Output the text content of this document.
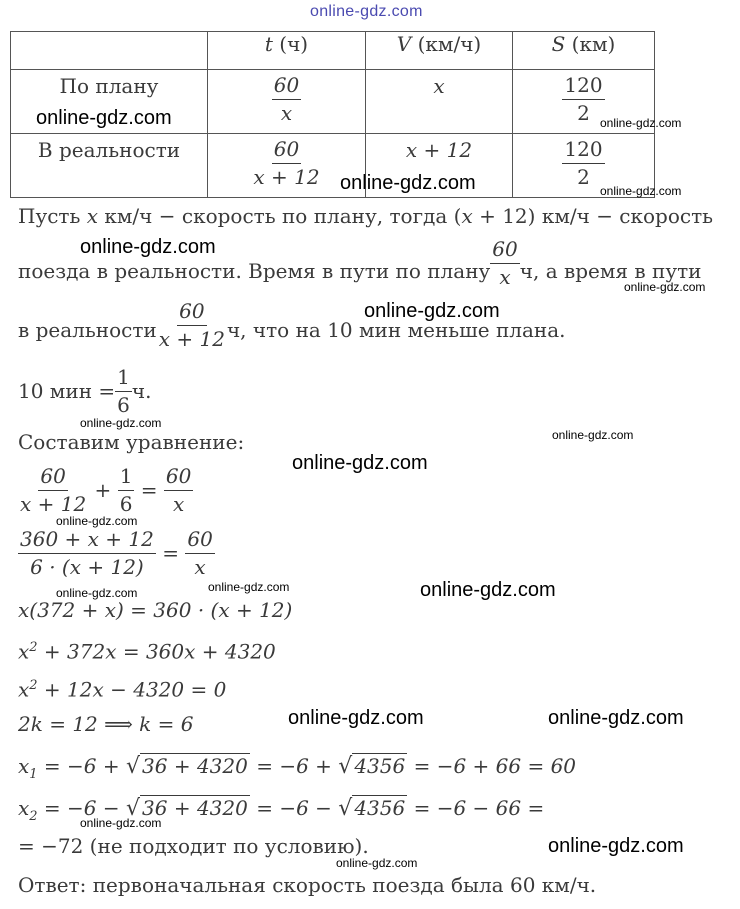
online-gdz.com
	t (ч)	V (км/ч)	S (км)

По плану	$\frac{60}{x}$	x	$\frac{120}{2}$

В реальности	$\frac{60}{x + 12}$	x + 12	$\frac{120}{2}$
Пусть x км/ч − скорость по плану, тогда (x + 12) км/ч − скорость
поезда в реальности. Время в пути по плану $\frac{60}{x} ч$, а время в пути
в реальности $\frac{60}{x + 12} ч$, что на 10 мин меньше плана.
10 мин = $\frac{1}{6} ч$.
Составим уравнение:
$\frac{60}{x + 12} + \frac{1}{6} = \frac{60}{x}$
$\frac{360 + x + 12}{6 \cdot (x + 12)} = \frac{60}{x}$
x(372 + x) = 360 · (x + 12)
$x^2 + 372x = 360x + 4320$
$x^2 + 12x - 4320 = 0$
2k = 12 ⟹ k = 6
$x_1 = -6$ + √ 36 + 4320 = −6 + √ 4356 = −6 + 66 = 60
$x_2 = -6$ − √ 36 + 4320 = −6 − √ 4356 = −6 − 66 =
= −72 (не подходит по условию).
Ответ: первоначальная скорость поезда была 60 км/ч.
online-gdz.com
online-gdz.com
online-gdz.com
online-gdz.com
online-gdz.com
online-gdz.com
online-gdz.com	online-gdz.com
online-gdz.com
online-gdz.com
online-gdz.com
online-gdz.com
online-gdz.com
online-gdz.com
online-gdz.com
online-gdz.com
online-gdz.com
online-gdz.com
online-gdz.com
